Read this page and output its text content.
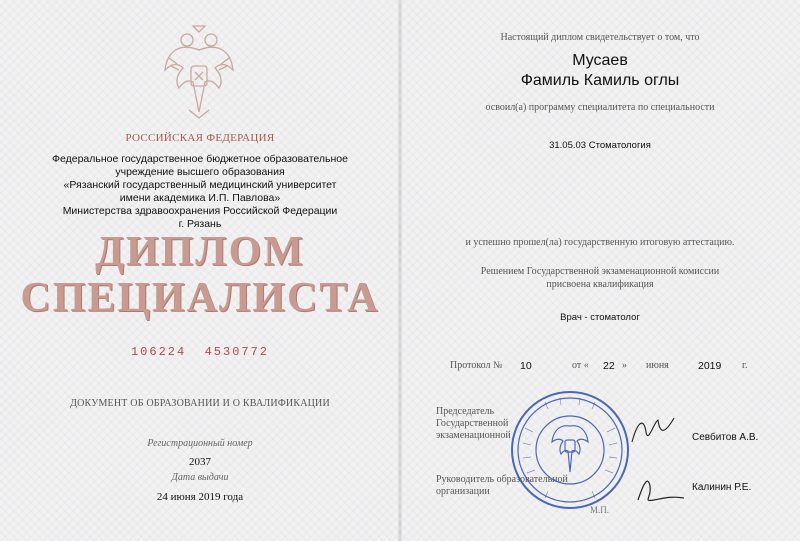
РОССИЙСКАЯ ФЕДЕРАЦИЯ
Федеральное государственное бюджетное образовательное
учреждение высшего образования
«Рязанский государственный медицинский университет
имени академика И.П. Павлова»
Министерства здравоохранения Российской Федерации
г. Рязань
ДИПЛОМ
СПЕЦИАЛИСТА
106224  4530772
ДОКУМЕНТ ОБ ОБРАЗОВАНИИ И О КВАЛИФИКАЦИИ
Регистрационный номер
2037
Дата выдачи
24 июня 2019 года
Настоящий диплом свидетельствует о том, что
Мусаев
Фамиль Камиль оглы
освоил(а) программу специалитета по специальности
31.05.03 Стоматология
и успешно прошел(ла) государственную итоговую аттестацию.
Решением Государственной экзаменационной комиссии
присвоена квалификация
Врач - стоматолог
Протокол № 10	от « 22 » июня	2019 г.
Председатель
Государственной
экзаменационной	Севбитов А.В.
Руководитель образовательной
организации	Калинин Р.Е.
М.П.
